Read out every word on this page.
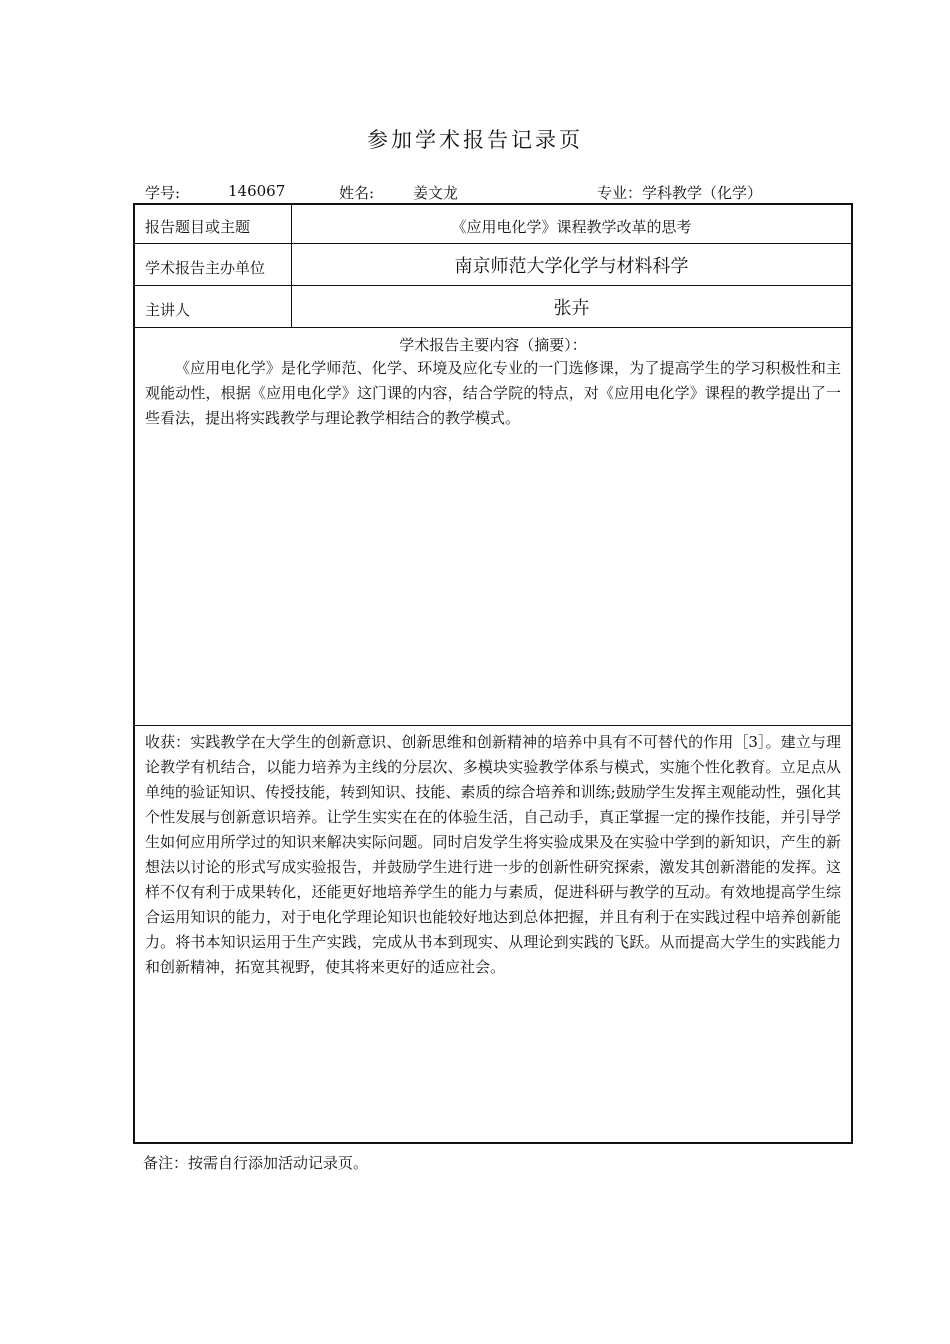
参加学术报告记录页
学号:	146067	姓名:	姜文龙	专业：学科教学（化学）
报告题目或主题	《应用电化学》课程教学改革的思考
学术报告主办单位	南京师范大学化学与材料科学
主讲人	张卉
学术报告主要内容（摘要）：
《应用电化学》是化学师范、化学、环境及应化专业的一门选修课，为了提高学生的学习积极性和主观能动性，根据《应用电化学》这门课的内容，结合学院的特点，对《应用电化学》课程的教学提出了一些看法，提出将实践教学与理论教学相结合的教学模式。
收获：实践教学在大学生的创新意识、创新思维和创新精神的培养中具有不可替代的作用［3］。建立与理论教学有机结合，以能力培养为主线的分层次、多模块实验教学体系与模式，实施个性化教育。立足点从单纯的验证知识、传授技能，转到知识、技能、素质的综合培养和训练;鼓励学生发挥主观能动性，强化其个性发展与创新意识培养。让学生实实在在的体验生活，自己动手，真正掌握一定的操作技能，并引导学生如何应用所学过的知识来解决实际问题。同时启发学生将实验成果及在实验中学到的新知识，产生的新想法以讨论的形式写成实验报告，并鼓励学生进行进一步的创新性研究探索，激发其创新潜能的发挥。这样不仅有利于成果转化，还能更好地培养学生的能力与素质，促进科研与教学的互动。有效地提高学生综合运用知识的能力，对于电化学理论知识也能较好地达到总体把握，并且有利于在实践过程中培养创新能力。将书本知识运用于生产实践，完成从书本到现实、从理论到实践的飞跃。从而提高大学生的实践能力和创新精神，拓宽其视野，使其将来更好的适应社会。
备注：按需自行添加活动记录页。
